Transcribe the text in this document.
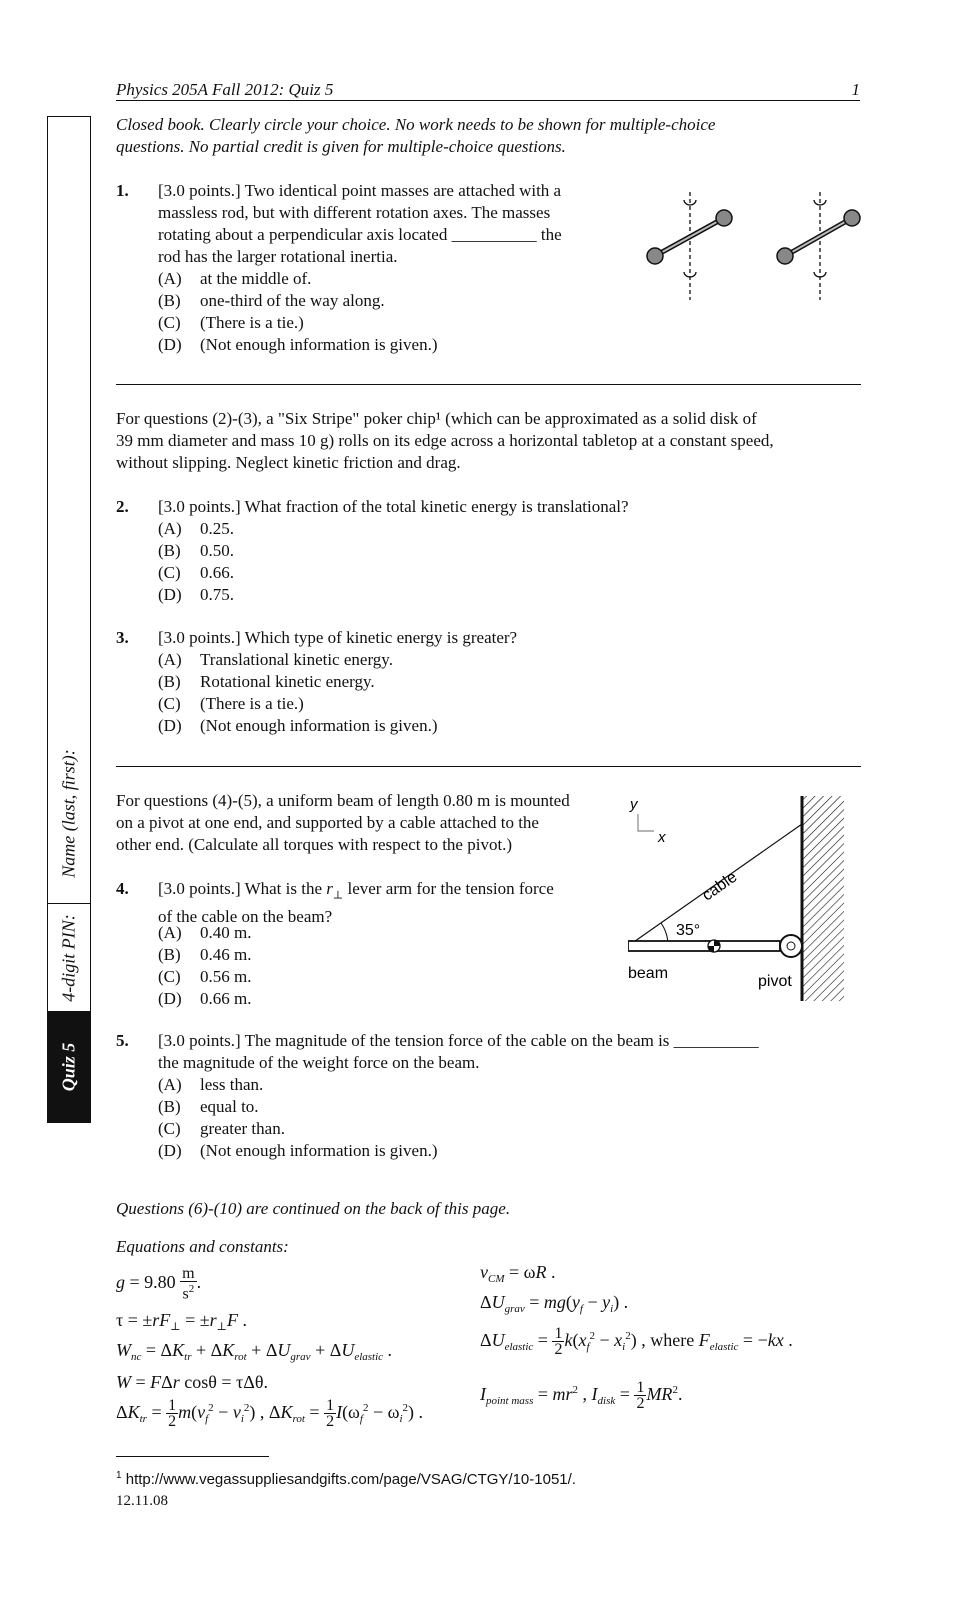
Physics 205A Fall 2012: Quiz 5	1
Name (last, first):
4-digit PIN:
Quiz 5
Closed book. Clearly circle your choice. No work needs to be shown for multiple-choice
questions. No partial credit is given for multiple-choice questions.
1. [3.0 points.] Two identical point masses are attached with a
massless rod, but with different rotation axes. The masses
rotating about a perpendicular axis located __________ the
rod has the larger rotational inertia.
(A) at the middle of.
(B) one-third of the way along.
(C) (There is a tie.)
(D) (Not enough information is given.)
For questions (2)-(3), a "Six Stripe" poker chip¹ (which can be approximated as a solid disk of
39 mm diameter and mass 10 g) rolls on its edge across a horizontal tabletop at a constant speed,
without slipping. Neglect kinetic friction and drag.
2. [3.0 points.] What fraction of the total kinetic energy is translational?
(A) 0.25.
(B) 0.50.
(C) 0.66.
(D) 0.75.
3. [3.0 points.] Which type of kinetic energy is greater?
(A) Translational kinetic energy.
(B) Rotational kinetic energy.
(C) (There is a tie.)
(D) (Not enough information is given.)
For questions (4)-(5), a uniform beam of length 0.80 m is mounted
on a pivot at one end, and supported by a cable attached to the
other end. (Calculate all torques with respect to the pivot.)
4. [3.0 points.] What is the $r_\perp$ lever arm for the tension force
of the cable on the beam?
(A) 0.40 m.
(B) 0.46 m.
(C) 0.56 m.
(D) 0.66 m.
y
x
cable
35°
beam	pivot
5. [3.0 points.] The magnitude of the tension force of the cable on the beam is __________
the magnitude of the weight force on the beam.
(A) less than.
(B) equal to.
(C) greater than.
(D) (Not enough information is given.)
Questions (6)-(10) are continued on the back of this page.
Equations and constants:
$g = 9.80 \frac{m}{s^2}$ .
$\tau = \pm rF_\perp = \pm r_\perp F$ .
$W_{nc} = \Delta K_{tr} + \Delta K_{rot} + \Delta U_{grav} + \Delta U_{elastic}$ .
W = FΔr cosθ = τΔθ.
$\Delta K_{tr} = \frac{1}{2} m(v_f^2 - v_i^2)$ , $\Delta K_{rot} = \frac{1}{2} I(\omega_f^2 - \omega_i^2)$ .
$v_{CM} = \omega R$ .
$\Delta U_{grav} = mg(y_f - y_i)$ .
$\Delta U_{elastic} = \frac{1}{2} k(x_f^2 - x_i^2)$ , where $F_{elastic} = -kx$ .
$I_{point mass} = mr^2$ , $I_{disk} = \frac{1}{2} MR^2$.
$^1$ http://www.vegassuppliesandgifts.com/page/VSAG/CTGY/10-1051/.
12.11.08
